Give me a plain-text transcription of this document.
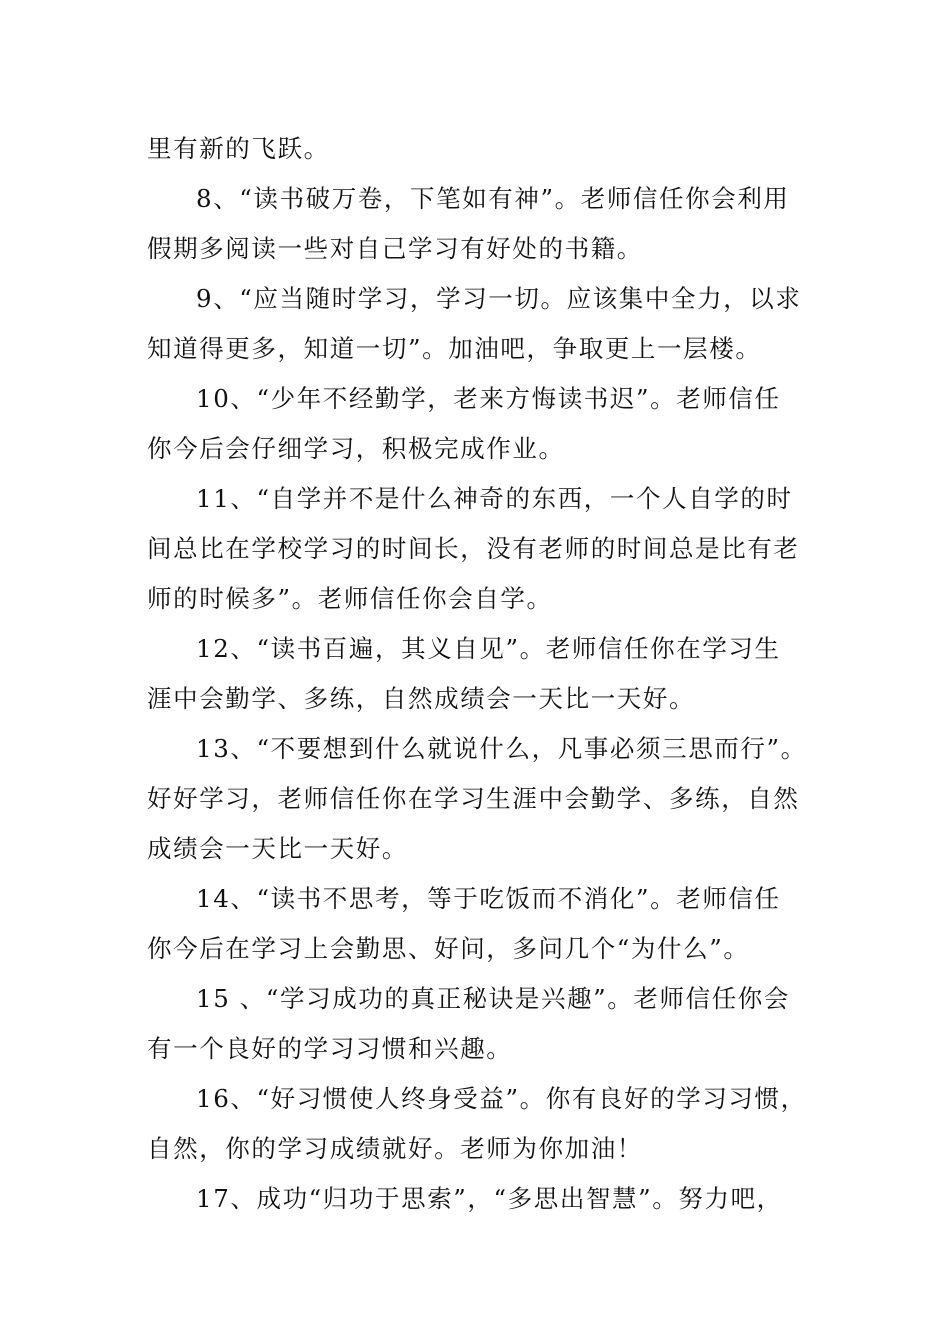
里有新的飞跃。
8、“读书破万卷，下笔如有神”。老师信任你会利用
假期多阅读一些对自己学习有好处的书籍。
9、“应当随时学习，学习一切。应该集中全力，以求
知道得更多，知道一切”。加油吧，争取更上一层楼。
10、“少年不经勤学，老来方悔读书迟”。老师信任
你今后会仔细学习，积极完成作业。
11、“自学并不是什么神奇的东西，一个人自学的时
间总比在学校学习的时间长，没有老师的时间总是比有老
师的时候多”。老师信任你会自学。
12、“读书百遍，其义自见”。老师信任你在学习生
涯中会勤学、多练，自然成绩会一天比一天好。
13、“不要想到什么就说什么，凡事必须三思而行”。
好好学习，老师信任你在学习生涯中会勤学、多练，自然
成绩会一天比一天好。
14、“读书不思考，等于吃饭而不消化”。老师信任
你今后在学习上会勤思、好问，多问几个“为什么”。
15 、“学习成功的真正秘诀是兴趣”。老师信任你会
有一个良好的学习习惯和兴趣。
16、“好习惯使人终身受益”。你有良好的学习习惯，
自然，你的学习成绩就好。老师为你加油！
17、成功“归功于思索”，“多思出智慧”。努力吧，
